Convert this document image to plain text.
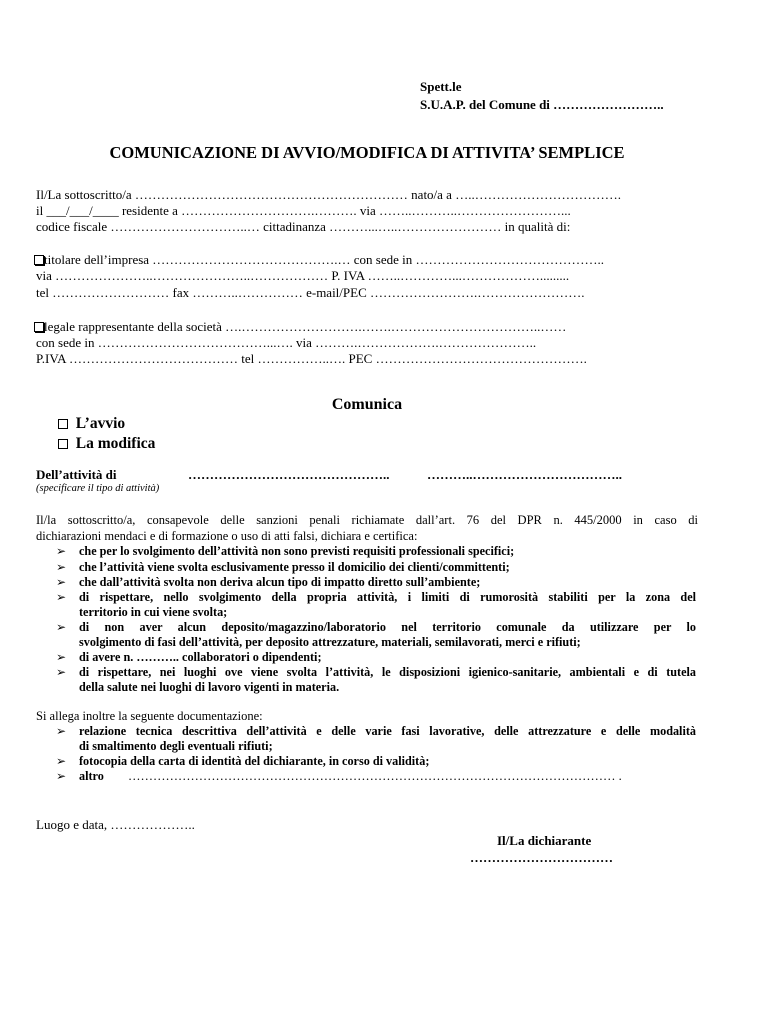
Spett.le
S.U.A.P. del Comune di ……………………..
COMUNICAZIONE DI AVVIO/MODIFICA DI ATTIVITA’ SEMPLICE
Il/La sottoscritto/a ……………………………………………………… nato/a a …..…………………………….
il ___/___/____ residente a ………………………….………. via ……..………..……………………...
codice fiscale …………………………..… cittadinanza ………...…..…………………… in qualità di:
titolare dell’impresa …………………………………….… con sede in ……………………………………..
via …………………..…………………..……………… P. IVA ……..…………...……………….........
tel ……………………… fax ………..…………… e-mail/PEC …………………….…………………….
legale rappresentante della società ….……………………….…….……………………………..……
con sede in …………………………………...…. via ……….……………….…………………..
P.IVA ………………………………… tel ……………..…. PEC ………………………………………….
Comunica
L’avvio
La modifica
Dell’attività di	………………………………………..	………..……………………………..
(specificare il tipo di attività)
Il/la sottoscritto/a, consapevole delle sanzioni penali richiamate dall’art. 76 del DPR n. 445/2000 in caso di
dichiarazioni mendaci e di formazione o uso di atti falsi, dichiara e certifica:
➢ che per lo svolgimento dell’attività non sono previsti requisiti professionali specifici;
➢ che l’attività viene svolta esclusivamente presso il domicilio dei clienti/committenti;
➢ che dall’attività svolta non deriva alcun tipo di impatto diretto sull’ambiente;
➢ di rispettare, nello svolgimento della propria attività, i limiti di rumorosità stabiliti per la zona del
territorio in cui viene svolta;
➢ di non aver alcun deposito/magazzino/laboratorio nel territorio comunale da utilizzare per lo
svolgimento di fasi dell’attività, per deposito attrezzature, materiali, semilavorati, merci e rifiuti;
➢ di avere n. ……….. collaboratori o dipendenti;
➢ di rispettare, nei luoghi ove viene svolta l’attività, le disposizioni igienico-sanitarie, ambientali e di tutela
della salute nei luoghi di lavoro vigenti in materia.
Si allega inoltre la seguente documentazione:
➢ relazione tecnica descrittiva dell’attività e delle varie fasi lavorative, delle attrezzature e delle modalità
di smaltimento degli eventuali rifiuti;
➢ fotocopia della carta di identità del dichiarante, in corso di validità;
➢ altro ……………………………………………………………………………………………………… .
Luogo e data, ………………..
Il/La dichiarante
……………………………
